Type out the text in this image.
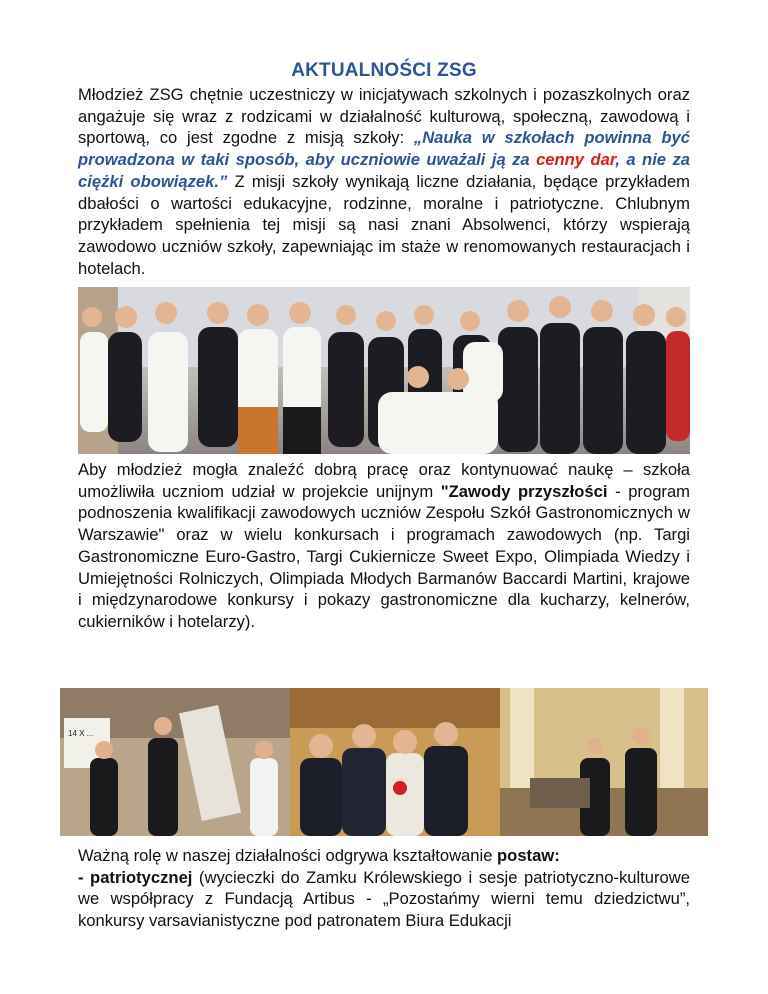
AKTUALNOŚCI ZSG
Młodzież ZSG chętnie uczestniczy w inicjatywach szkolnych i pozaszkolnych oraz angażuje się wraz z rodzicami w działalność kulturową, społeczną, zawodową i sportową, co jest zgodne z misją szkoły: „Nauka w szkołach powinna być prowadzona w taki sposób, aby uczniowie uważali ją za cenny dar, a nie za ciężki obowiązek.” Z misji szkoły wynikają liczne działania, będące przykładem dbałości o wartości edukacyjne, rodzinne, moralne i patriotyczne. Chlubnym przykładem spełnienia tej misji są nasi znani Absolwenci, którzy wspierają zawodowo uczniów szkoły, zapewniając im staże w renomowanych restauracjach i hotelach.
Aby młodzież mogła znaleźć dobrą pracę oraz kontynuować naukę – szkoła umożliwiła uczniom udział w projekcie unijnym "Zawody przyszłości - program podnoszenia kwalifikacji zawodowych uczniów Zespołu Szkół Gastronomicznych w Warszawie" oraz w wielu konkursach i programach zawodowych (np. Targi Gastronomiczne Euro-Gastro, Targi Cukiernicze Sweet Expo, Olimpiada Wiedzy i Umiejętności Rolniczych, Olimpiada Młodych Barmanów Baccardi Martini, krajowe i międzynarodowe konkursy i pokazy gastronomiczne dla kucharzy, kelnerów, cukierników i hotelarzy).
14 X ...
Ważną rolę w naszej działalności odgrywa kształtowanie postaw:
- patriotycznej (wycieczki do Zamku Królewskiego i sesje patriotyczno-kulturowe we współpracy z Fundacją Artibus - „Pozostańmy wierni temu dziedzictwu”, konkursy varsavianistyczne pod patronatem Biura Edukacji
